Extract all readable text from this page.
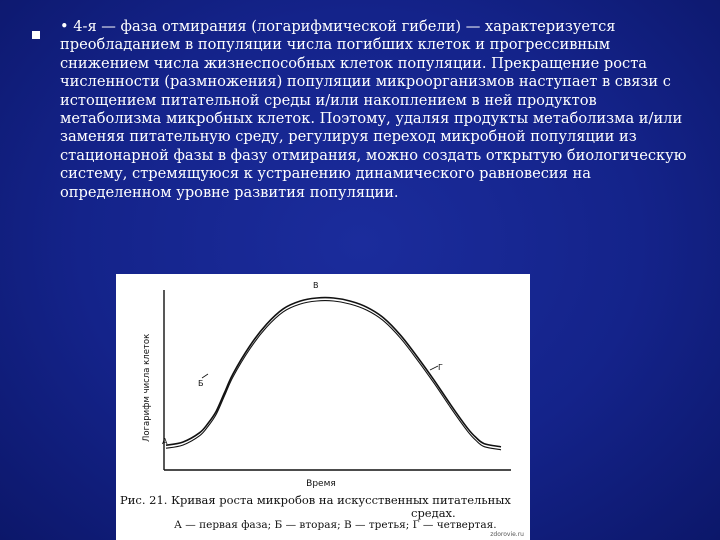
• 4-я — фаза отмирания (логарифмической гибели) — характеризуется преобладанием в популяции числа погибших клеток и прогрессивным снижением числа жизнеспособных клеток популяции. Прекращение роста численности (размножения) популяции микроорганизмов наступает в связи с истощением питательной среды и/или накоплением в ней продуктов метаболизма микробных клеток. Поэтому, удаляя продукты метаболизма и/или заменяя питательную среду, регулируя переход микробной популяции из стационарной фазы в фазу отмирания, можно создать открытую биологическую систему, стремящуюся к устранению динамического равновесия на определенном уровне развития популяции.

Логарифм числа клеток
Время
А
Б
В
Г
Рис. 21. Кривая роста микробов на искусственных питательных
средах.
А — первая фаза; Б — вторая; В — третья; Г — четвертая.
zdorovie.ru
